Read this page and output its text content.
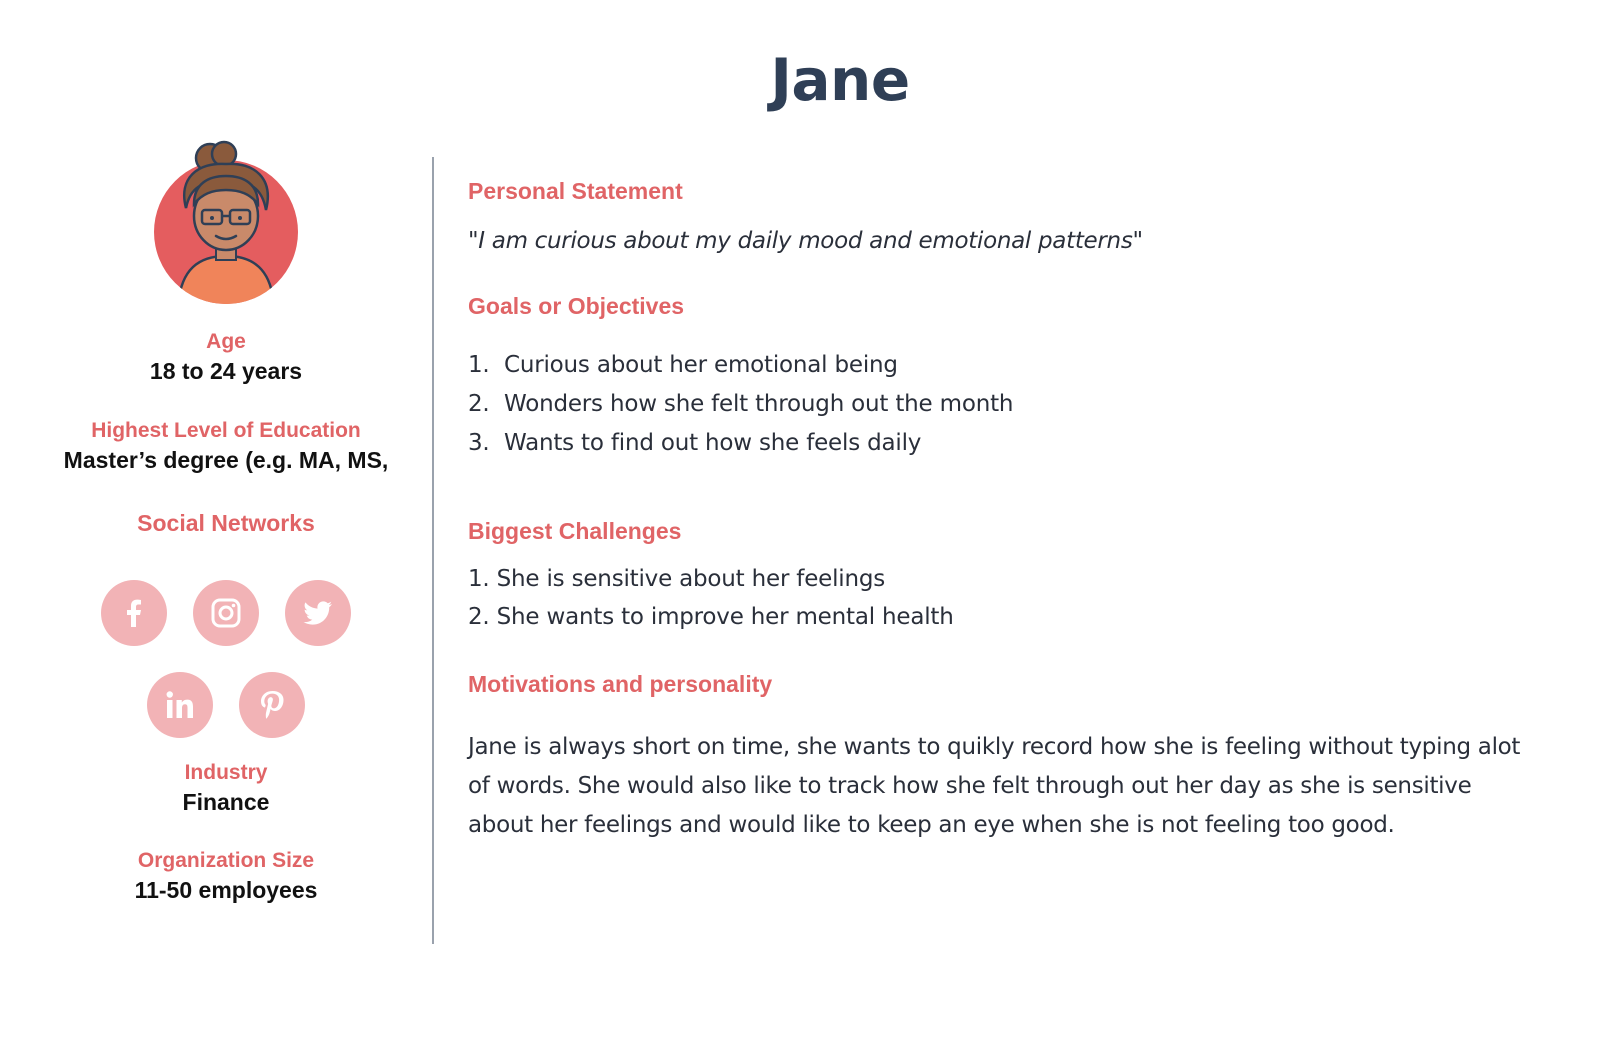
Jane
Age
18 to 24 years
Highest Level of Education
Master’s degree (e.g. MA, MS,
Social Networks
Industry
Finance
Organization Size
11-50 employees
Personal Statement
"I am curious about my daily mood and emotional patterns"
Goals or Objectives
1. Curious about her emotional being
2. Wonders how she felt through out the month
3. Wants to find out how she feels daily
Biggest Challenges
1. She is sensitive about her feelings
2. She wants to improve her mental health
Motivations and personality
Jane is always short on time, she wants to quikly record how she is feeling without typing alot of words. She would also like to track how she felt through out her day as she is sensitive about her feelings and would like to keep an eye when she is not feeling too good.
